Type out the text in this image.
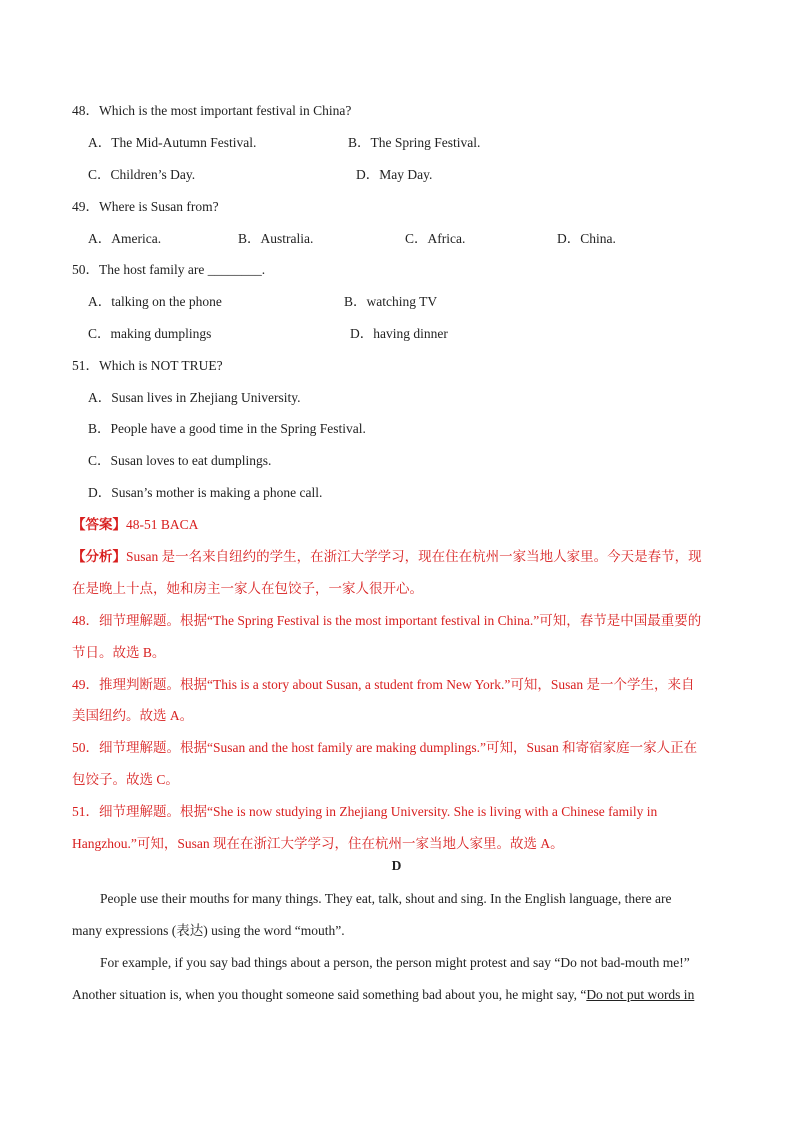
48．Which is the most important festival in China?
A．The Mid-Autumn Festival.	B．The Spring Festival.
C．Children’s Day.	D．May Day.
49．Where is Susan from?
A．America.	B．Australia.	C．Africa.	D．China.
50．The host family are ________.
A．talking on the phone	B．watching TV
C．making dumplings	D．having dinner
51．Which is NOT TRUE?
A．Susan lives in Zhejiang University.
B．People have a good time in the Spring Festival.
C．Susan loves to eat dumplings.
D．Susan’s mother is making a phone call.
【答案】48-51 BACA
【分析】Susan 是一名来自纽约的学生，在浙江大学学习，现在住在杭州一家当地人家里。今天是春节，现
在是晚上十点，她和房主一家人在包饺子，一家人很开心。
48．细节理解题。根据“The Spring Festival is the most important festival in China.”可知，春节是中国最重要的
节日。故选 B。
49．推理判断题。根据“This is a story about Susan, a student from New York.”可知，Susan 是一个学生，来自
美国纽约。故选 A。
50．细节理解题。根据“Susan and the host family are making dumplings.”可知，Susan 和寄宿家庭一家人正在
包饺子。故选 C。
51．细节理解题。根据“She is now studying in Zhejiang University. She is living with a Chinese family in
Hangzhou.”可知，Susan 现在在浙江大学学习，住在杭州一家当地人家里。故选 A。
D
People use their mouths for many things. They eat, talk, shout and sing. In the English language, there are
many expressions (表达) using the word “mouth”.
For example, if you say bad things about a person, the person might protest and say “Do not bad-mouth me!”
Another situation is, when you thought someone said something bad about you, he might say, “Do not put words in
